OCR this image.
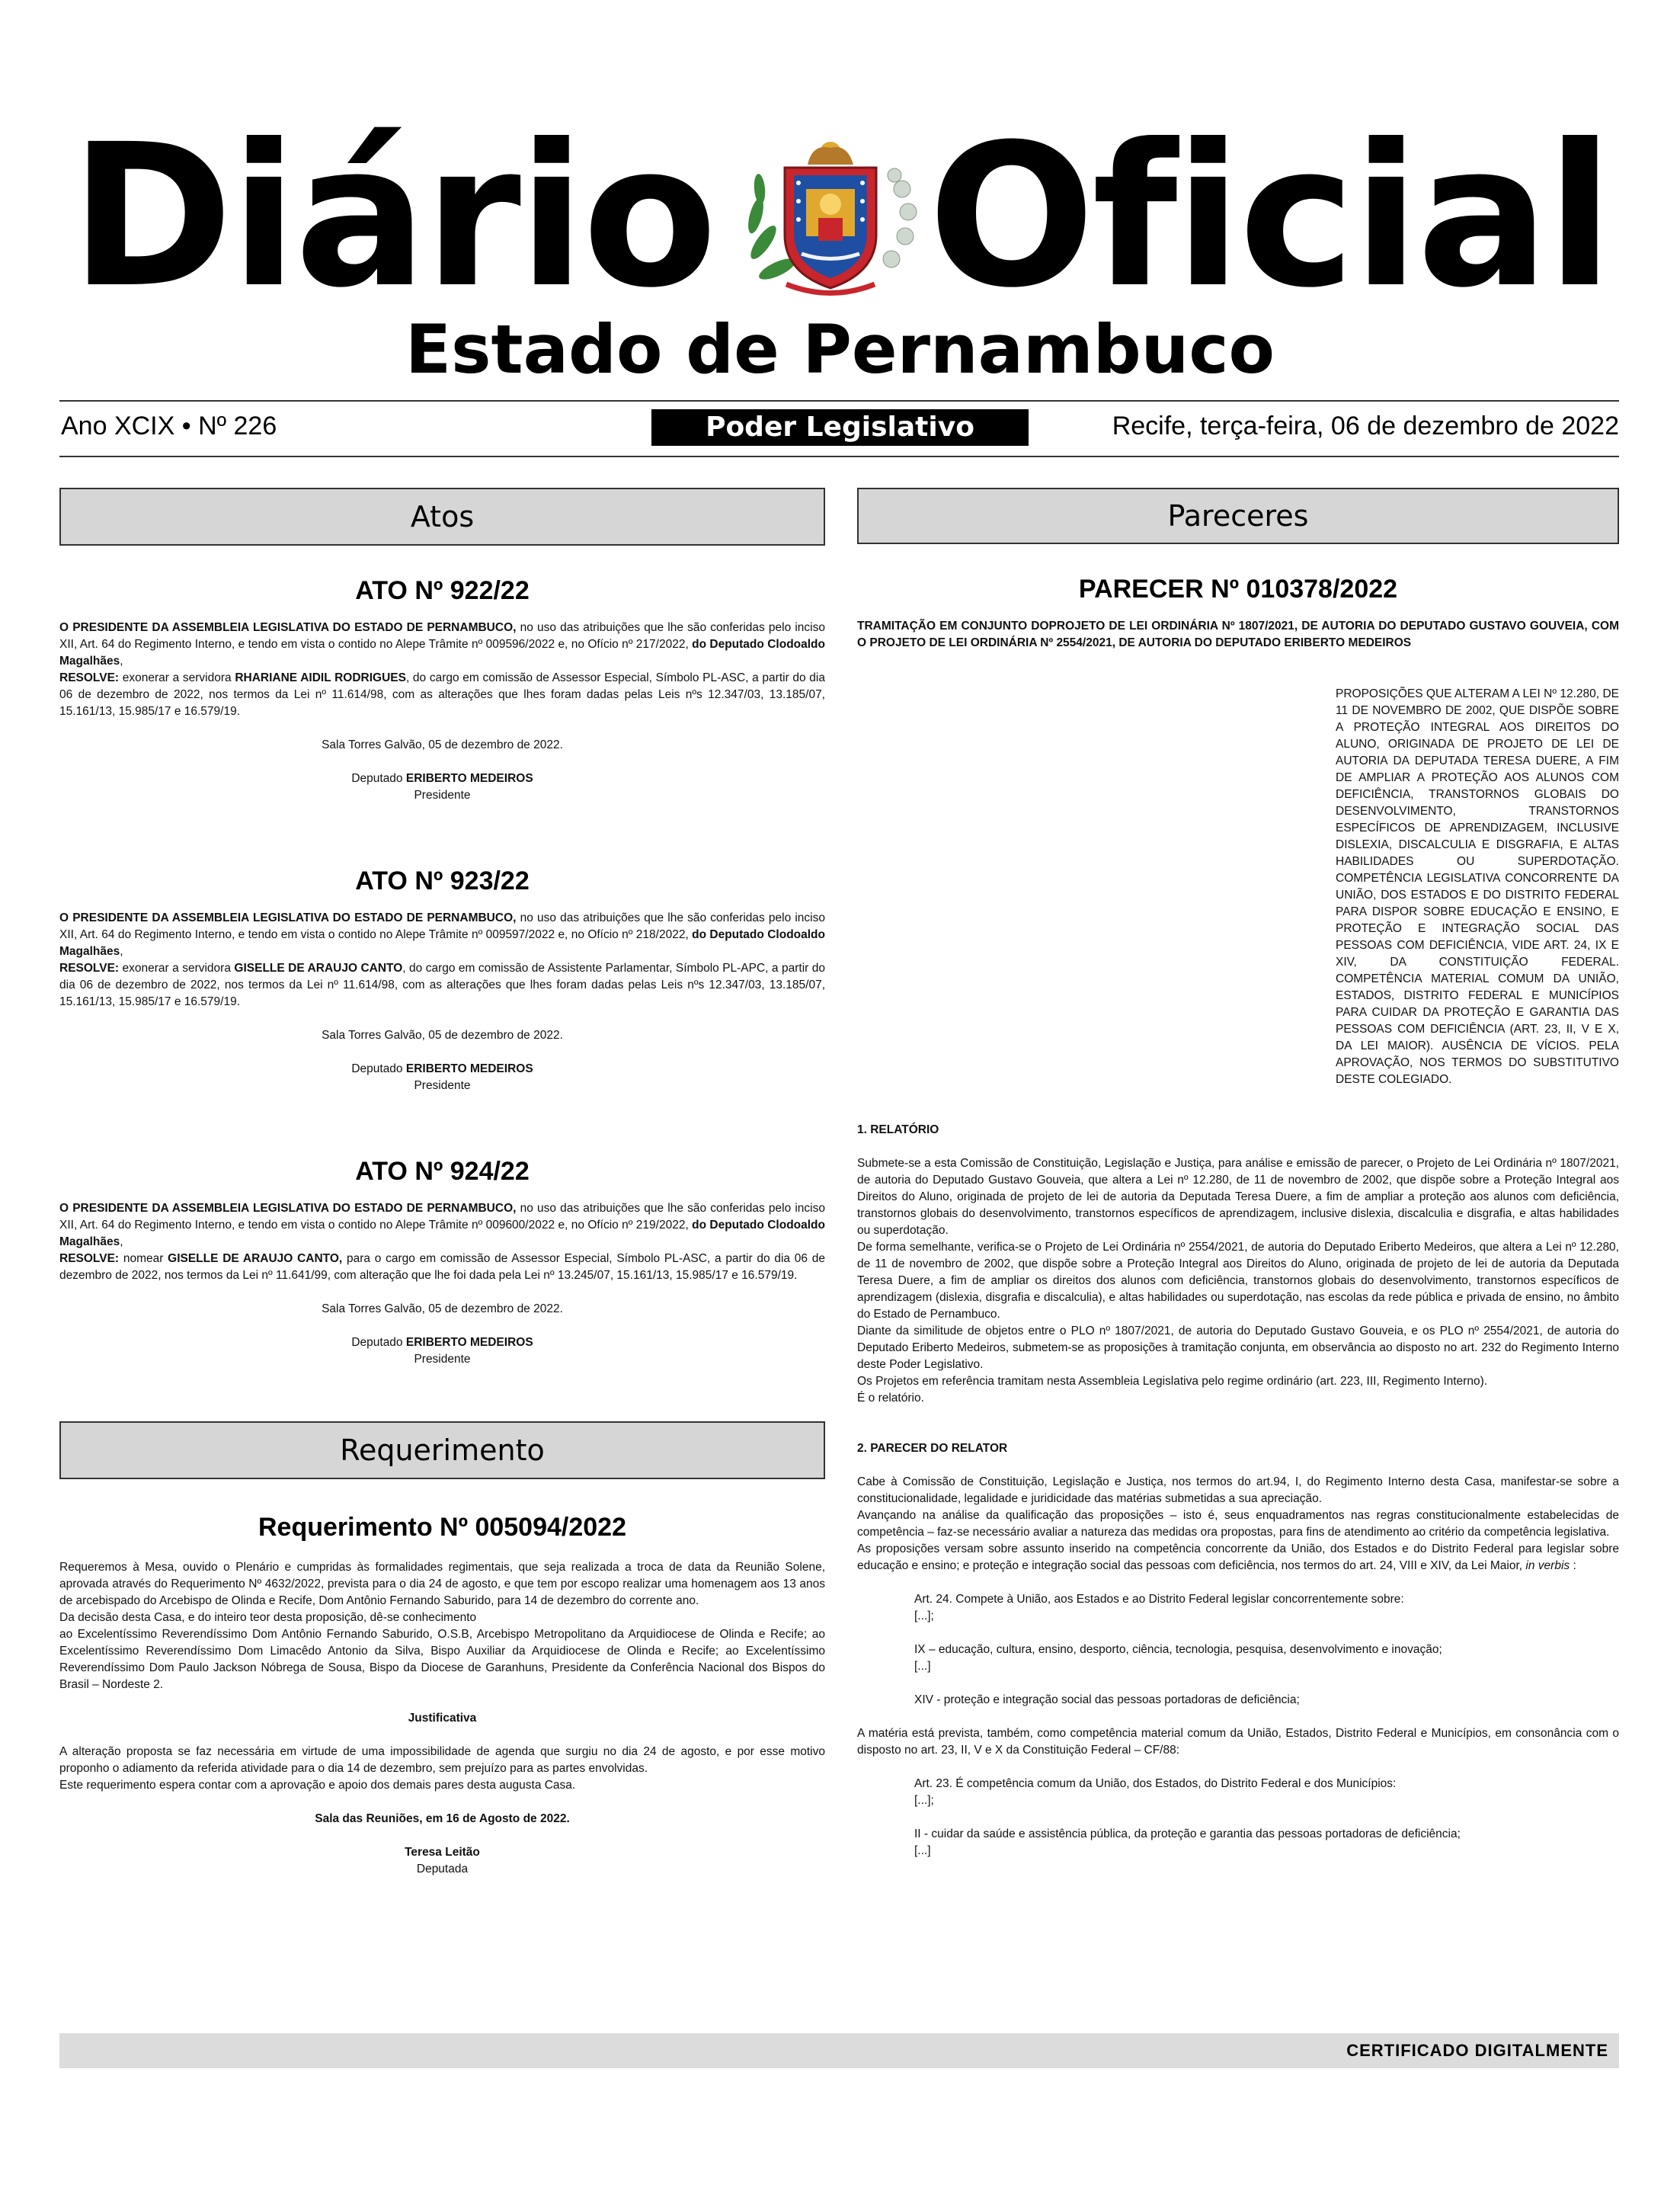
Diário Oficial
Estado de Pernambuco
Ano XCIX • Nº 226	Poder Legislativo	Recife, terça-feira, 06 de dezembro de 2022
Atos
ATO Nº 922/22

O PRESIDENTE DA ASSEMBLEIA LEGISLATIVA DO ESTADO DE PERNAMBUCO, no uso das atribuições que lhe são conferidas pelo inciso XII, Art. 64 do Regimento Interno, e tendo em vista o contido no Alepe Trâmite nº 009596/2022 e, no Ofício nº 217/2022, do Deputado Clodoaldo Magalhães,

RESOLVE: exonerar a servidora RHARIANE AIDIL RODRIGUES, do cargo em comissão de Assessor Especial, Símbolo PL-ASC, a partir do dia 06 de dezembro de 2022, nos termos da Lei nº 11.614/98, com as alterações que lhes foram dadas pelas Leis nºs 12.347/03, 13.185/07, 15.161/13, 15.985/17 e 16.579/19.

Sala Torres Galvão, 05 de dezembro de 2022.

Deputado ERIBERTO MEDEIROS

Presidente

ATO Nº 923/22

O PRESIDENTE DA ASSEMBLEIA LEGISLATIVA DO ESTADO DE PERNAMBUCO, no uso das atribuições que lhe são conferidas pelo inciso XII, Art. 64 do Regimento Interno, e tendo em vista o contido no Alepe Trâmite nº 009597/2022 e, no Ofício nº 218/2022, do Deputado Clodoaldo Magalhães,

RESOLVE: exonerar a servidora GISELLE DE ARAUJO CANTO, do cargo em comissão de Assistente Parlamentar, Símbolo PL-APC, a partir do dia 06 de dezembro de 2022, nos termos da Lei nº 11.614/98, com as alterações que lhes foram dadas pelas Leis nºs 12.347/03, 13.185/07, 15.161/13, 15.985/17 e 16.579/19.

Sala Torres Galvão, 05 de dezembro de 2022.

Deputado ERIBERTO MEDEIROS

Presidente

ATO Nº 924/22

O PRESIDENTE DA ASSEMBLEIA LEGISLATIVA DO ESTADO DE PERNAMBUCO, no uso das atribuições que lhe são conferidas pelo inciso XII, Art. 64 do Regimento Interno, e tendo em vista o contido no Alepe Trâmite nº 009600/2022 e, no Ofício nº 219/2022, do Deputado Clodoaldo Magalhães,

RESOLVE: nomear GISELLE DE ARAUJO CANTO, para o cargo em comissão de Assessor Especial, Símbolo PL-ASC, a partir do dia 06 de dezembro de 2022, nos termos da Lei nº 11.641/99, com alteração que lhe foi dada pela Lei nº 13.245/07, 15.161/13, 15.985/17 e 16.579/19.

Sala Torres Galvão, 05 de dezembro de 2022.

Deputado ERIBERTO MEDEIROS

Presidente

Requerimento
Requerimento Nº 005094/2022

Requeremos à Mesa, ouvido o Plenário e cumpridas às formalidades regimentais, que seja realizada a troca de data da Reunião Solene, aprovada através do Requerimento Nº 4632/2022, prevista para o dia 24 de agosto, e que tem por escopo realizar uma homenagem aos 13 anos de arcebispado do Arcebispo de Olinda e Recife, Dom Antônio Fernando Saburido, para 14 de dezembro do corrente ano.

Da decisão desta Casa, e do inteiro teor desta proposição, dê-se conhecimento

ao Excelentíssimo Reverendíssimo Dom Antônio Fernando Saburido, O.S.B, Arcebispo Metropolitano da Arquidiocese de Olinda e Recife; ao Excelentíssimo Reverendíssimo Dom Limacêdo Antonio da Silva, Bispo Auxiliar da Arquidiocese de Olinda e Recife; ao Excelentíssimo Reverendíssimo Dom Paulo Jackson Nóbrega de Sousa, Bispo da Diocese de Garanhuns, Presidente da Conferência Nacional dos Bispos do Brasil – Nordeste 2.

Justificativa

A alteração proposta se faz necessária em virtude de uma impossibilidade de agenda que surgiu no dia 24 de agosto, e por esse motivo proponho o adiamento da referida atividade para o dia 14 de dezembro, sem prejuízo para as partes envolvidas.

Este requerimento espera contar com a aprovação e apoio dos demais pares desta augusta Casa.

Sala das Reuniões, em 16 de Agosto de 2022.

Teresa Leitão

Deputada

Pareceres
PARECER Nº 010378/2022

TRAMITAÇÃO EM CONJUNTO DOPROJETO DE LEI ORDINÁRIA Nº 1807/2021, DE AUTORIA DO DEPUTADO GUSTAVO GOUVEIA, COM O PROJETO DE LEI ORDINÁRIA Nº 2554/2021, DE AUTORIA DO DEPUTADO ERIBERTO MEDEIROS

PROPOSIÇÕES QUE ALTERAM A LEI Nº 12.280, DE 11 DE NOVEMBRO DE 2002, QUE DISPÕE SOBRE A PROTEÇÃO INTEGRAL AOS DIREITOS DO ALUNO, ORIGINADA DE PROJETO DE LEI DE AUTORIA DA DEPUTADA TERESA DUERE, A FIM DE AMPLIAR A PROTEÇÃO AOS ALUNOS COM DEFICIÊNCIA, TRANSTORNOS GLOBAIS DO DESENVOLVIMENTO, TRANSTORNOS ESPECÍFICOS DE APRENDIZAGEM, INCLUSIVE DISLEXIA, DISCALCULIA E DISGRAFIA, E ALTAS HABILIDADES OU SUPERDOTAÇÃO. COMPETÊNCIA LEGISLATIVA CONCORRENTE DA UNIÃO, DOS ESTADOS E DO DISTRITO FEDERAL PARA DISPOR SOBRE EDUCAÇÃO E ENSINO, E PROTEÇÃO E INTEGRAÇÃO SOCIAL DAS PESSOAS COM DEFICIÊNCIA, VIDE ART. 24, IX E XIV, DA CONSTITUIÇÃO FEDERAL. COMPETÊNCIA MATERIAL COMUM DA UNIÃO, ESTADOS, DISTRITO FEDERAL E MUNICÍPIOS PARA CUIDAR DA PROTEÇÃO E GARANTIA DAS PESSOAS COM DEFICIÊNCIA (ART. 23, II, V E X, DA LEI MAIOR). AUSÊNCIA DE VÍCIOS. PELA APROVAÇÃO, NOS TERMOS DO SUBSTITUTIVO DESTE COLEGIADO.

1. RELATÓRIO

Submete-se a esta Comissão de Constituição, Legislação e Justiça, para análise e emissão de parecer, o Projeto de Lei Ordinária nº 1807/2021, de autoria do Deputado Gustavo Gouveia, que altera a Lei nº 12.280, de 11 de novembro de 2002, que dispõe sobre a Proteção Integral aos Direitos do Aluno, originada de projeto de lei de autoria da Deputada Teresa Duere, a fim de ampliar a proteção aos alunos com deficiência, transtornos globais do desenvolvimento, transtornos específicos de aprendizagem, inclusive dislexia, discalculia e disgrafia, e altas habilidades ou superdotação.

De forma semelhante, verifica-se o Projeto de Lei Ordinária nº 2554/2021, de autoria do Deputado Eriberto Medeiros, que altera a Lei nº 12.280, de 11 de novembro de 2002, que dispõe sobre a Proteção Integral aos Direitos do Aluno, originada de projeto de lei de autoria da Deputada Teresa Duere, a fim de ampliar os direitos dos alunos com deficiência, transtornos globais do desenvolvimento, transtornos específicos de aprendizagem (dislexia, disgrafia e discalculia), e altas habilidades ou superdotação, nas escolas da rede pública e privada de ensino, no âmbito do Estado de Pernambuco.

Diante da similitude de objetos entre o PLO nº 1807/2021, de autoria do Deputado Gustavo Gouveia, e os PLO nº 2554/2021, de autoria do Deputado Eriberto Medeiros, submetem-se as proposições à tramitação conjunta, em observância ao disposto no art. 232 do Regimento Interno deste Poder Legislativo.

Os Projetos em referência tramitam nesta Assembleia Legislativa pelo regime ordinário (art. 223, III, Regimento Interno).

É o relatório.

2. PARECER DO RELATOR

Cabe à Comissão de Constituição, Legislação e Justiça, nos termos do art.94, I, do Regimento Interno desta Casa, manifestar-se sobre a constitucionalidade, legalidade e juridicidade das matérias submetidas a sua apreciação.

Avançando na análise da qualificação das proposições – isto é, seus enquadramentos nas regras constitucionalmente estabelecidas de competência – faz-se necessário avaliar a natureza das medidas ora propostas, para fins de atendimento ao critério da competência legislativa.

As proposições versam sobre assunto inserido na competência concorrente da União, dos Estados e do Distrito Federal para legislar sobre educação e ensino; e proteção e integração social das pessoas com deficiência, nos termos do art. 24, VIII e XIV, da Lei Maior, in verbis :

Art. 24. Compete à União, aos Estados e ao Distrito Federal legislar concorrentemente sobre:

[...];

IX – educação, cultura, ensino, desporto, ciência, tecnologia, pesquisa, desenvolvimento e inovação;

[...]

XIV - proteção e integração social das pessoas portadoras de deficiência;

A matéria está prevista, também, como competência material comum da União, Estados, Distrito Federal e Municípios, em consonância com o disposto no art. 23, II, V e X da Constituição Federal – CF/88:

Art. 23. É competência comum da União, dos Estados, do Distrito Federal e dos Municípios:

[...];

II - cuidar da saúde e assistência pública, da proteção e garantia das pessoas portadoras de deficiência;

[...]

CERTIFICADO DIGITALMENTE
